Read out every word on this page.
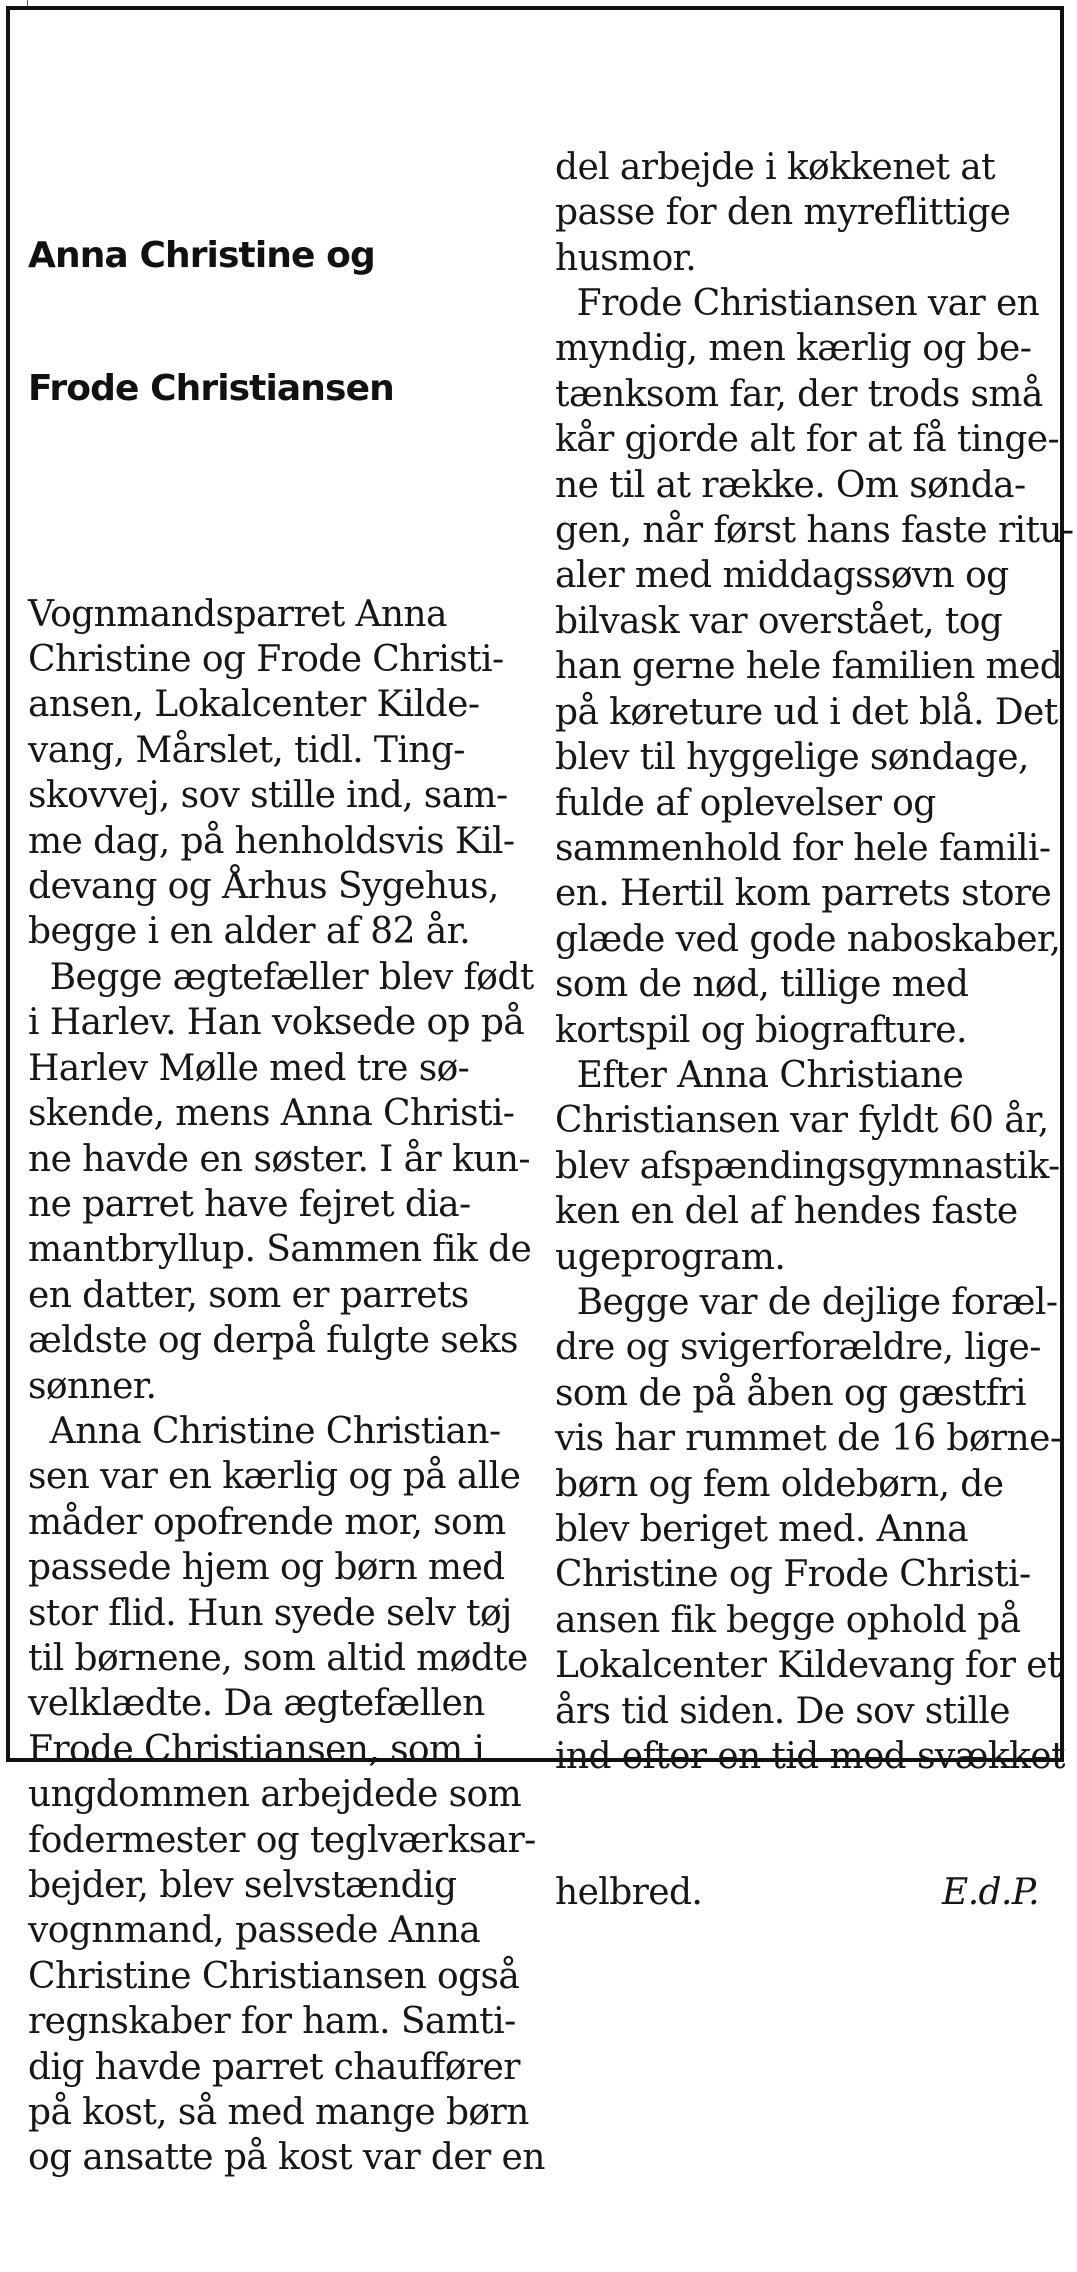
Anna Christine og

Frode Christiansen

Vognmandsparret Anna
Christine og Frode Christi-
ansen, Lokalcenter Kilde-
vang, Mårslet, tidl. Ting-
skovvej, sov stille ind, sam-
me dag, på henholdsvis Kil-
devang og Århus Sygehus,
begge i en alder af 82 år.
Begge ægtefæller blev født
i Harlev. Han voksede op på
Harlev Mølle med tre sø-
skende, mens Anna Christi-
ne havde en søster. I år kun-
ne parret have fejret dia-
mantbryllup. Sammen fik de
en datter, som er parrets
ældste og derpå fulgte seks
sønner.
Anna Christine Christian-
sen var en kærlig og på alle
måder opofrende mor, som
passede hjem og børn med
stor flid. Hun syede selv tøj
til børnene, som altid mødte
velklædte. Da ægtefællen
Frode Christiansen, som i
ungdommen arbejdede som
fodermester og teglværksar-
bejder, blev selvstændig
vognmand, passede Anna
Christine Christiansen også
regnskaber for ham. Samti-
dig havde parret chauffører
på kost, så med mange børn
og ansatte på kost var der en

del arbejde i køkkenet at
passe for den myreflittige
husmor.
Frode Christiansen var en
myndig, men kærlig og be-
tænksom far, der trods små
kår gjorde alt for at få tinge-
ne til at række. Om sønda-
gen, når først hans faste ritu-
aler med middagssøvn og
bilvask var overstået, tog
han gerne hele familien med
på køreture ud i det blå. Det
blev til hyggelige søndage,
fulde af oplevelser og
sammenhold for hele famili-
en. Hertil kom parrets store
glæde ved gode naboskaber,
som de nød, tillige med
kortspil og biografture.
Efter Anna Christiane
Christiansen var fyldt 60 år,
blev afspændingsgymnastik-
ken en del af hendes faste
ugeprogram.
Begge var de dejlige foræl-
dre og svigerforældre, lige-
som de på åben og gæstfri
vis har rummet de 16 børne-
børn og fem oldebørn, de
blev beriget med. Anna
Christine og Frode Christi-
ansen fik begge ophold på
Lokalcenter Kildevang for et
års tid siden. De sov stille
ind efter en tid med svækket

helbred.	E.d.P.
